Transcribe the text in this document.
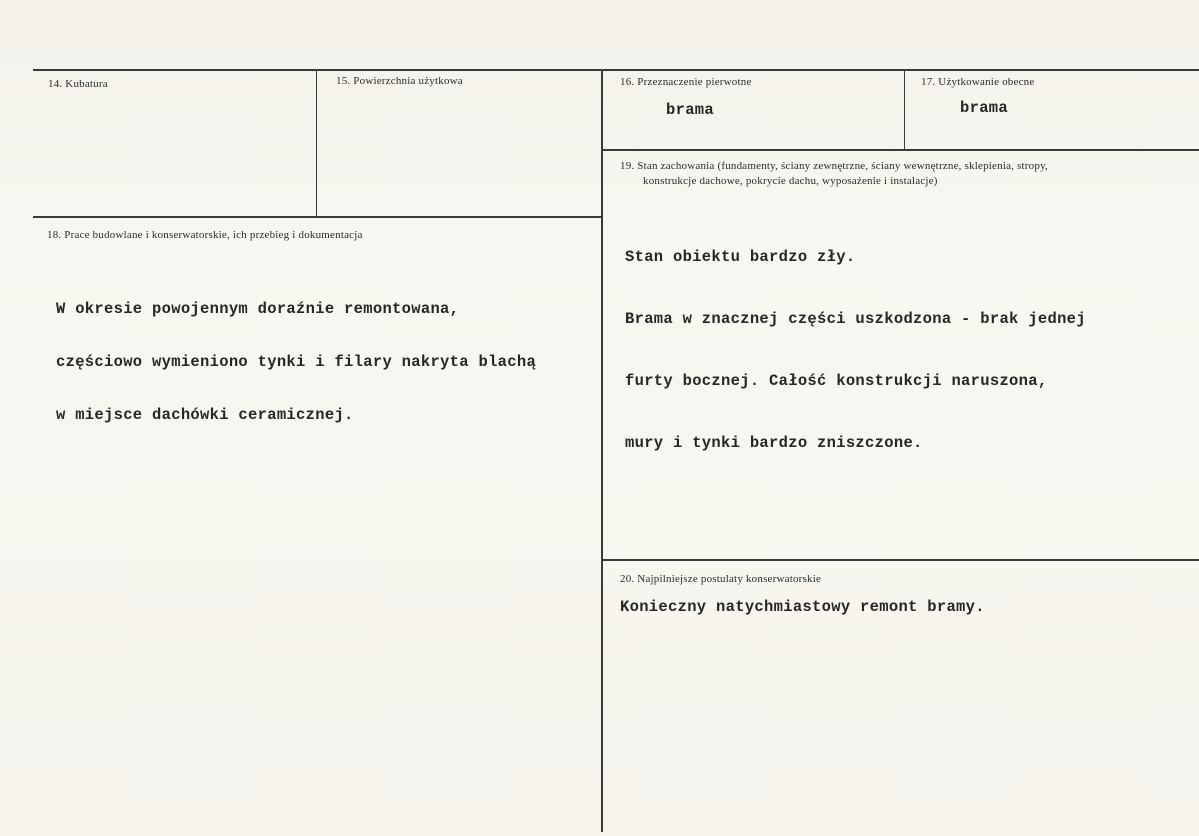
14. Kubatura	15. Powierzchnia użytkowa	16. Przeznaczenie pierwotne
brama
17. Użytkowanie obecne
brama
18. Prace budowlane i konserwatorskie, ich przebieg i dokumentacja

W okresie powojennym doraźnie remontowana,

częściowo wymieniono tynki i filary nakryta blachą

w miejsce dachówki ceramicznej.

19. Stan zachowania (fundamenty, ściany zewnętrzne, ściany wewnętrzne, sklepienia, stropy,
konstrukcje dachowe, pokrycie dachu, wyposażenie i instalacje)

Stan obiektu bardzo zły.

Brama w znacznej części uszkodzona - brak jednej

furty bocznej. Całość konstrukcji naruszona,

mury i tynki bardzo zniszczone.

20. Najpilniejsze postulaty konserwatorskie
Konieczny natychmiastowy remont bramy.
